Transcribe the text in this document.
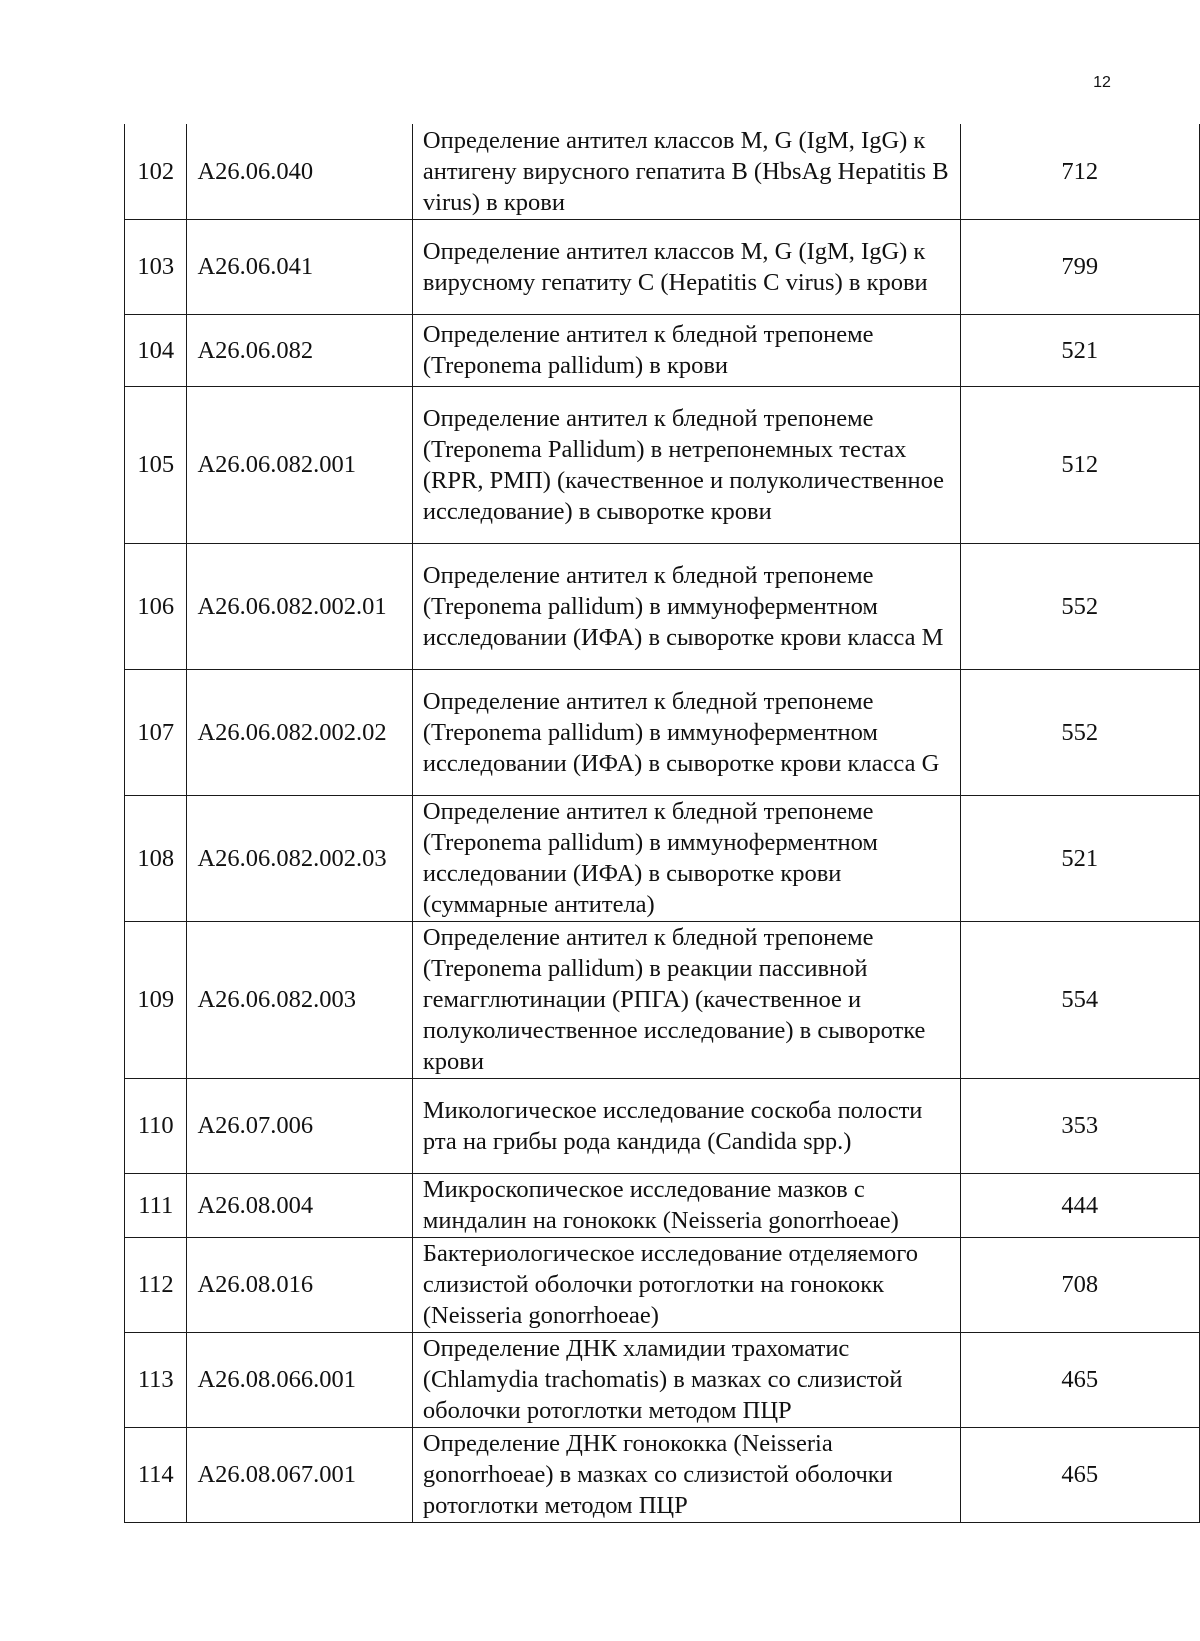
12
102	А26.06.040	Определение антител классов М, G (IgM, IgG) к антигену вирусного гепатита В (HbsAg Hepatitis В virus) в крови	712
103	А26.06.041	Определение антител классов М, G (IgM, IgG) к вирусному гепатиту С (Hepatitis С virus) в крови	799
104	А26.06.082	Определение антител к бледной трепонеме (Treponema pallidum) в крови	521
105	А26.06.082.001	Определение антител к бледной трепонеме (Treponema Pallidum) в нетрепонемных тестах (RPR, РМП) (качественное и полуколичественное исследование) в сыворотке крови	512
106	А26.06.082.002.01	Определение антител к бледной трепонеме (Treponema pallidum) в иммуноферментном исследовании (ИФА) в сыворотке крови класса М	552
107	А26.06.082.002.02	Определение антител к бледной трепонеме (Treponema pallidum) в иммуноферментном исследовании (ИФА) в сыворотке крови класса G	552
108	А26.06.082.002.03	Определение антител к бледной трепонеме (Treponema pallidum) в иммуноферментном исследовании (ИФА) в сыворотке крови (суммарные антитела)	521
109	А26.06.082.003	Определение антител к бледной трепонеме (Treponema pallidum) в реакции пассивной гемагглютинации (РПГА) (качественное и полуколичественное исследование) в сыворотке крови	554
110	А26.07.006	Микологическое исследование соскоба полости рта на грибы рода кандида (Candida spp.)	353
111	А26.08.004	Микроскопическое исследование мазков с миндалин на гонококк (Neisseria gonorrhoeae)	444
112	А26.08.016	Бактериологическое исследование отделяемого слизистой оболочки ротоглотки на гонококк (Neisseria gonorrhoeae)	708
113	А26.08.066.001	Определение ДНК хламидии трахоматис (Chlamydia trachomatis) в мазках со слизистой оболочки ротоглотки методом ПЦР	465
114	А26.08.067.001	Определение ДНК гонококка (Neisseria gonorrhoeae) в мазках со слизистой оболочки ротоглотки методом ПЦР	465
